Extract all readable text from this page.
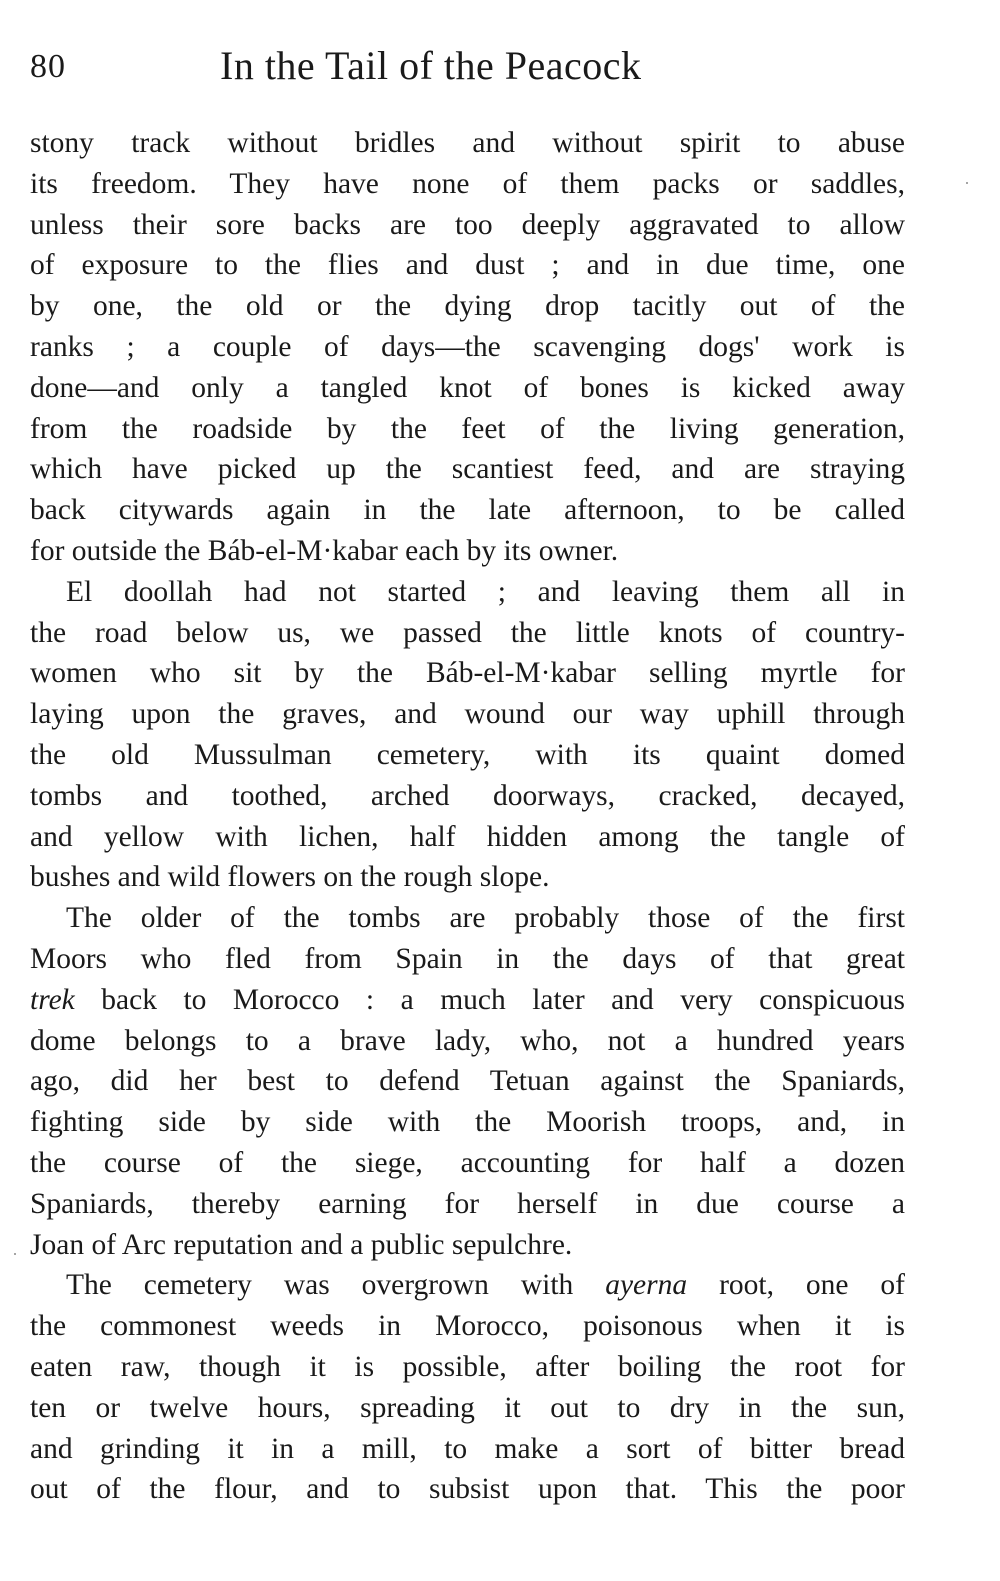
80	In the Tail of the Peacock
stony track without bridles and without spirit to abuse
its freedom. They have none of them packs or saddles,
unless their sore backs are too deeply aggravated to allow
of exposure to the flies and dust ; and in due time, one
by one, the old or the dying drop tacitly out of the
ranks ; a couple of days—the scavenging dogs' work is
done—and only a tangled knot of bones is kicked away
from the roadside by the feet of the living generation,
which have picked up the scantiest feed, and are straying
back citywards again in the late afternoon, to be called
for outside the Báb-el-M·kabar each by its owner.
El doollah had not started ; and leaving them all in
the road below us, we passed the little knots of country-
women who sit by the Báb-el-M·kabar selling myrtle for
laying upon the graves, and wound our way uphill through
the old Mussulman cemetery, with its quaint domed
tombs and toothed, arched doorways, cracked, decayed,
and yellow with lichen, half hidden among the tangle of
bushes and wild flowers on the rough slope.
The older of the tombs are probably those of the first
Moors who fled from Spain in the days of that great
trek back to Morocco : a much later and very conspicuous
dome belongs to a brave lady, who, not a hundred years
ago, did her best to defend Tetuan against the Spaniards,
fighting side by side with the Moorish troops, and, in
the course of the siege, accounting for half a dozen
Spaniards, thereby earning for herself in due course a
Joan of Arc reputation and a public sepulchre.
The cemetery was overgrown with ayerna root, one of
the commonest weeds in Morocco, poisonous when it is
eaten raw, though it is possible, after boiling the root for
ten or twelve hours, spreading it out to dry in the sun,
and grinding it in a mill, to make a sort of bitter bread
out of the flour, and to subsist upon that. This the poor
